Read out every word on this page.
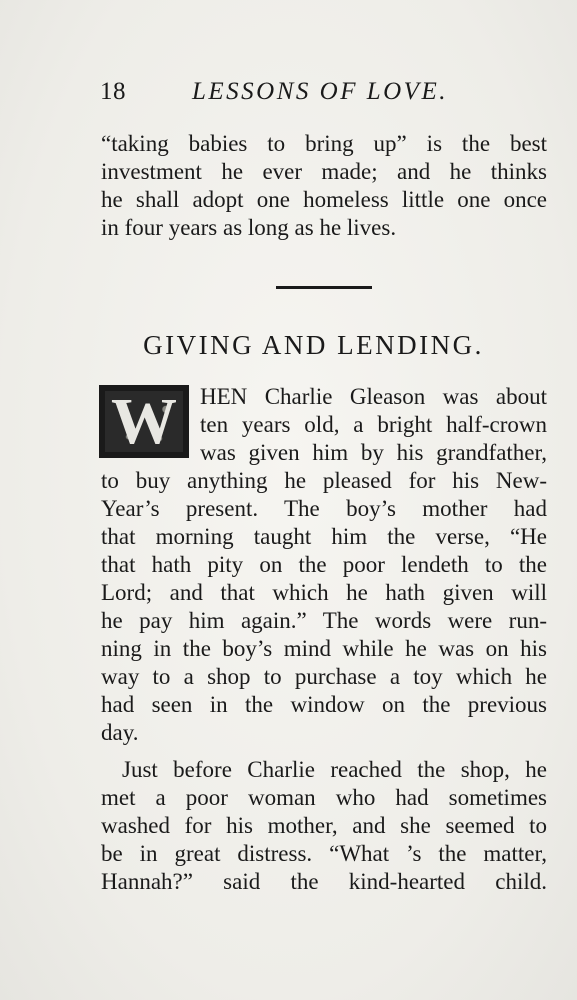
18	LESSONS OF LOVE.
“taking babies to bring up” is the best
investment he ever made; and he thinks
he shall adopt one homeless little one once
in four years as long as he lives.
GIVING AND LENDING.
W	HEN Charlie Gleason was about
ten years old, a bright half-crown
was given him by his grandfather,
to buy anything he pleased for his New-
Year’s present. The boy’s mother had
that morning taught him the verse, “He
that hath pity on the poor lendeth to the
Lord; and that which he hath given will
he pay him again.” The words were run-
ning in the boy’s mind while he was on his
way to a shop to purchase a toy which he
had seen in the window on the previous
day.
Just before Charlie reached the shop, he
met a poor woman who had sometimes
washed for his mother, and she seemed to
be in great distress. “What ’s the matter,
Hannah?” said the kind-hearted child.
